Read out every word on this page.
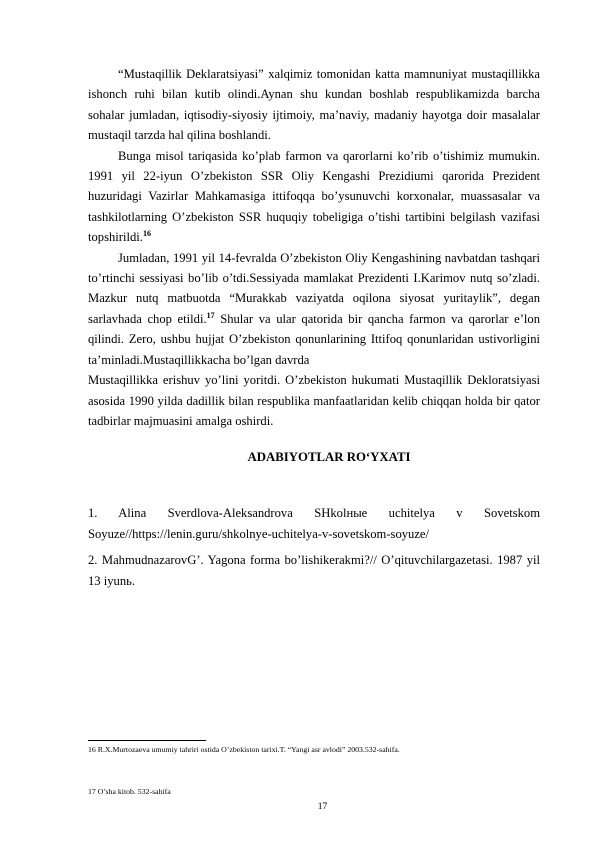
“Mustaqillik Deklaratsiyasi” xalqimiz tomonidan katta mamnuniyat mustaqillikka ishonch ruhi bilan kutib olindi.Aynan shu kundan boshlab respublikamizda barcha sohalar jumladan, iqtisodiy-siyosiy ijtimoiy, ma’naviy, madaniy hayotga doir masalalar mustaqil tarzda hal qilina boshlandi.

Bunga misol tariqasida ko’plab farmon va qarorlarni ko’rib o’tishimiz mumukin. 1991 yil 22-iyun O’zbekiston SSR Oliy Kengashi Prezidiumi qarorida Prezident huzuridagi Vazirlar Mahkamasiga ittifoqqa bo’ysunuvchi korxonalar, muassasalar va tashkilotlarning O’zbekiston SSR huquqiy tobeligiga o’tishi tartibini belgilash vazifasi topshirildi.$^{16}$

Jumladan, 1991 yil 14-fevralda O’zbekiston Oliy Kengashining navbatdan tashqari to’rtinchi sessiyasi bo’lib o’tdi.Sessiyada mamlakat Prezidenti I.Karimov nutq so’zladi. Mazkur nutq matbuotda “Murakkab vaziyatda oqilona siyosat yuritaylik”, degan sarlavhada chop etildi.$^{17}$ Shular va ular qatorida bir qancha farmon va qarorlar e’lon qilindi. Zero, ushbu hujjat O’zbekiston qonunlarining Ittifoq qonunlaridan ustivorligini ta’minladi.Mustaqillikkacha bo’lgan davrda

Mustaqillikka erishuv yo’lini yoritdi. O’zbekiston hukumati Mustaqillik Dekloratsiyasi asosida 1990 yilda dadillik bilan respublika manfaatlaridan kelib chiqqan holda bir qator tadbirlar majmuasini amalga oshirdi.

ADABIYOTLAR RO‘YXATI

1. Alina Sverdlova-Aleksandrova SHkolные uchitelya v Sovetskom Soyuze//https://lenin.guru/shkolnye-uchitelya-v-sovetskom-soyuze/

2. MahmudnazarovG’. Yagona forma bo’lishikerakmi?// O’qituvchilargazetasi. 1987 yil 13 iyunь.

16 R.X.Murtozaeva umumiy tahriri ostida O’zbekiston tarixi.T. “Yangi asr avlodi” 2003.532-sahifa.
17 O’sha kitob. 532-sahifa
17
